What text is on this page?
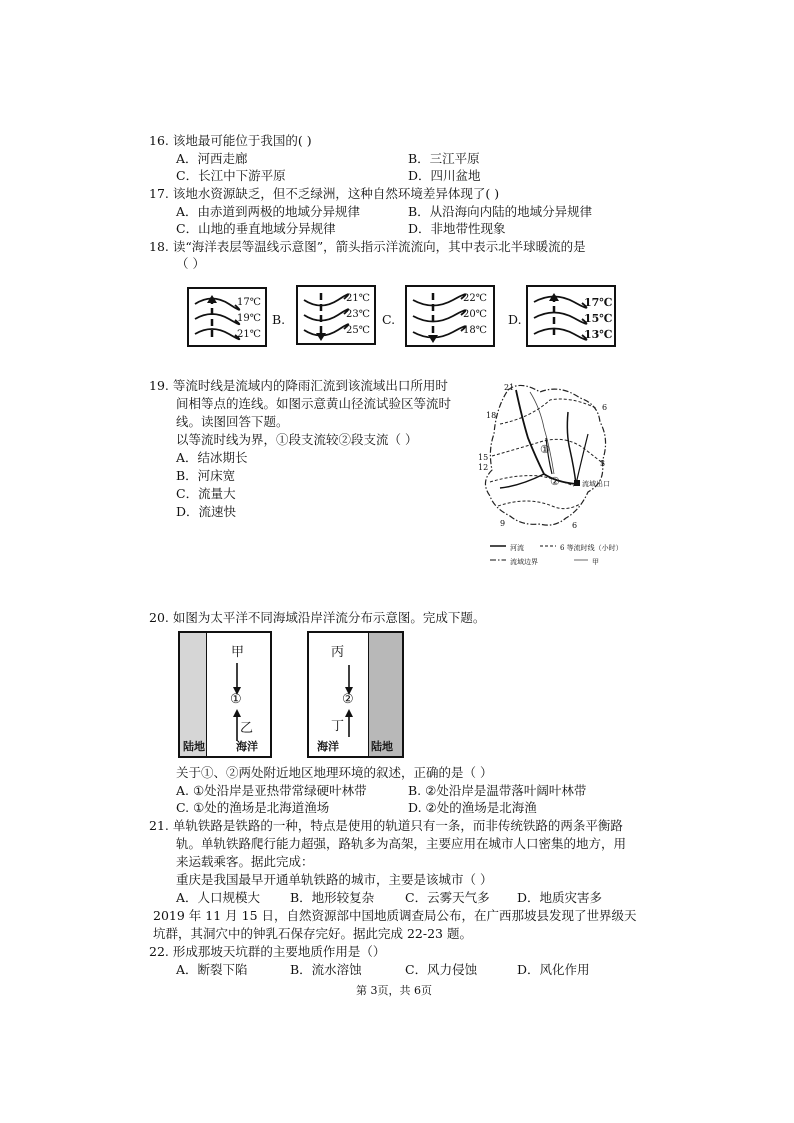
16. 该地最可能位于我国的( )
A．河西走廊	B．三江平原
C．长江中下游平原	D．四川盆地
17. 该地水资源缺乏，但不乏绿洲，这种自然环境差异体现了( )
A．由赤道到两极的地域分异规律	B．从沿海向内陆的地域分异规律
C．山地的垂直地域分异规律	D．非地带性现象
18. 读“海洋表层等温线示意图”，箭头指示洋流流向，其中表示北半球暖流的是
（ ）
17℃
19℃
21℃
B.
21℃
23℃
25℃
C.
22℃
20℃
18℃
D.
17℃
15℃
13℃
19. 等流时线是流域内的降雨汇流到该流域出口所用时
间相等点的连线。如图示意黄山径流试验区等流时
线。读图回答下题。
以等流时线为界，①段支流较②段支流（ ）
A．结冰期长
B．河床宽
C．流量大
D．流速快
21
18
6
15
12	3
9	6
①
②	流域出口
河流	6 等流时线（小时）
流域边界	甲
20. 如图为太平洋不同海域沿岸洋流分布示意图。完成下题。
甲
①
乙
陆地	海洋
丙
②
丁
海洋	陆地
关于①、②两处附近地区地理环境的叙述，正确的是（ ）
A. ①处沿岸是亚热带常绿硬叶林带	B. ②处沿岸是温带落叶阔叶林带
C. ①处的渔场是北海道渔场	D. ②处的渔场是北海渔
21. 单轨铁路是铁路的一种，特点是使用的轨道只有一条，而非传统铁路的两条平衡路
轨。单轨铁路爬行能力超强，路轨多为高架，主要应用在城市人口密集的地方，用
来运载乘客。据此完成：
重庆是我国最早开通单轨铁路的城市，主要是该城市（ ）
A．人口规模大 B．地形较复杂 C．云雾天气多 D．地质灾害多
2019 年 11 月 15 日，自然资源部中国地质调查局公布，在广西那坡县发现了世界级天
坑群，其洞穴中的钟乳石保存完好。据此完成 22-23 题。
22. 形成那坡天坑群的主要地质作用是（）
A．断裂下陷	B．流水溶蚀	C．风力侵蚀	D．风化作用
第 3页，共 6页
